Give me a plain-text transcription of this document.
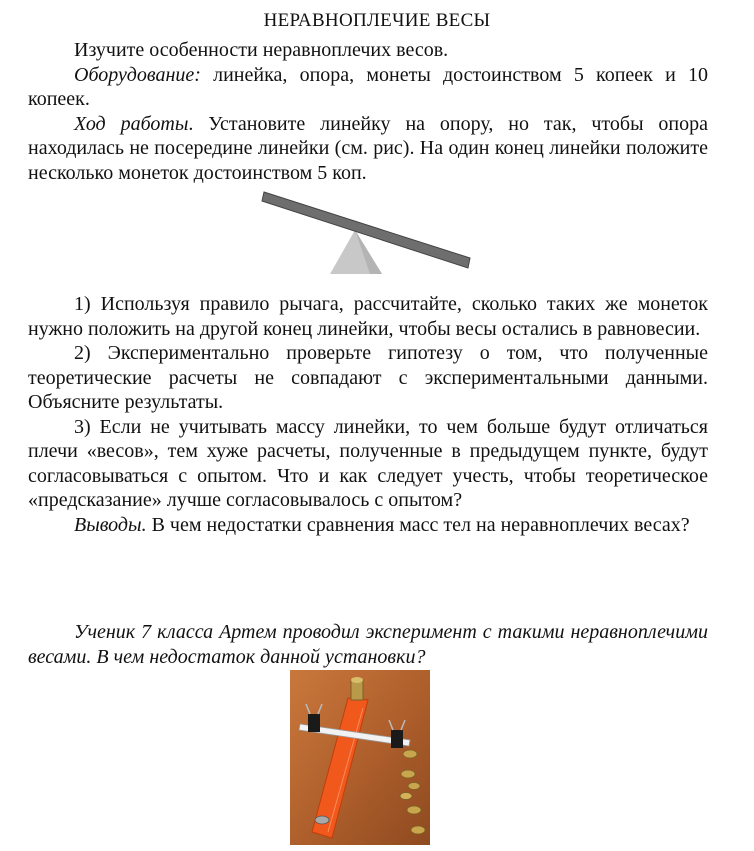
НЕРАВНОПЛЕЧИЕ ВЕСЫ

Изучите особенности неравноплечих весов.

Оборудование: линейка, опора, монеты достоинством 5 копеек и 10 копеек.

Ход работы. Установите линейку на опору, но так, чтобы опора находилась не посередине линейки (см. рис). На один конец линейки положите несколько монеток достоинством 5 коп.

1) Используя правило рычага, рассчитайте, сколько таких же монеток нужно положить на другой конец линейки, чтобы весы остались в равновесии.

2) Экспериментально проверьте гипотезу о том, что полученные теоретические расчеты не совпадают с экспериментальными данными. Объясните результаты.

3) Если не учитывать массу линейки, то чем больше будут отличаться плечи «весов», тем хуже расчеты, полученные в предыдущем пункте, будут согласовываться с опытом. Что и как следует учесть, чтобы теоретическое «предсказание» лучше согласовывалось с опытом?

Выводы. В чем недостатки сравнения масс тел на неравноплечих весах?

Ученик 7 класса Артем проводил эксперимент с такими неравноплечими весами. В чем недостаток данной установки?
